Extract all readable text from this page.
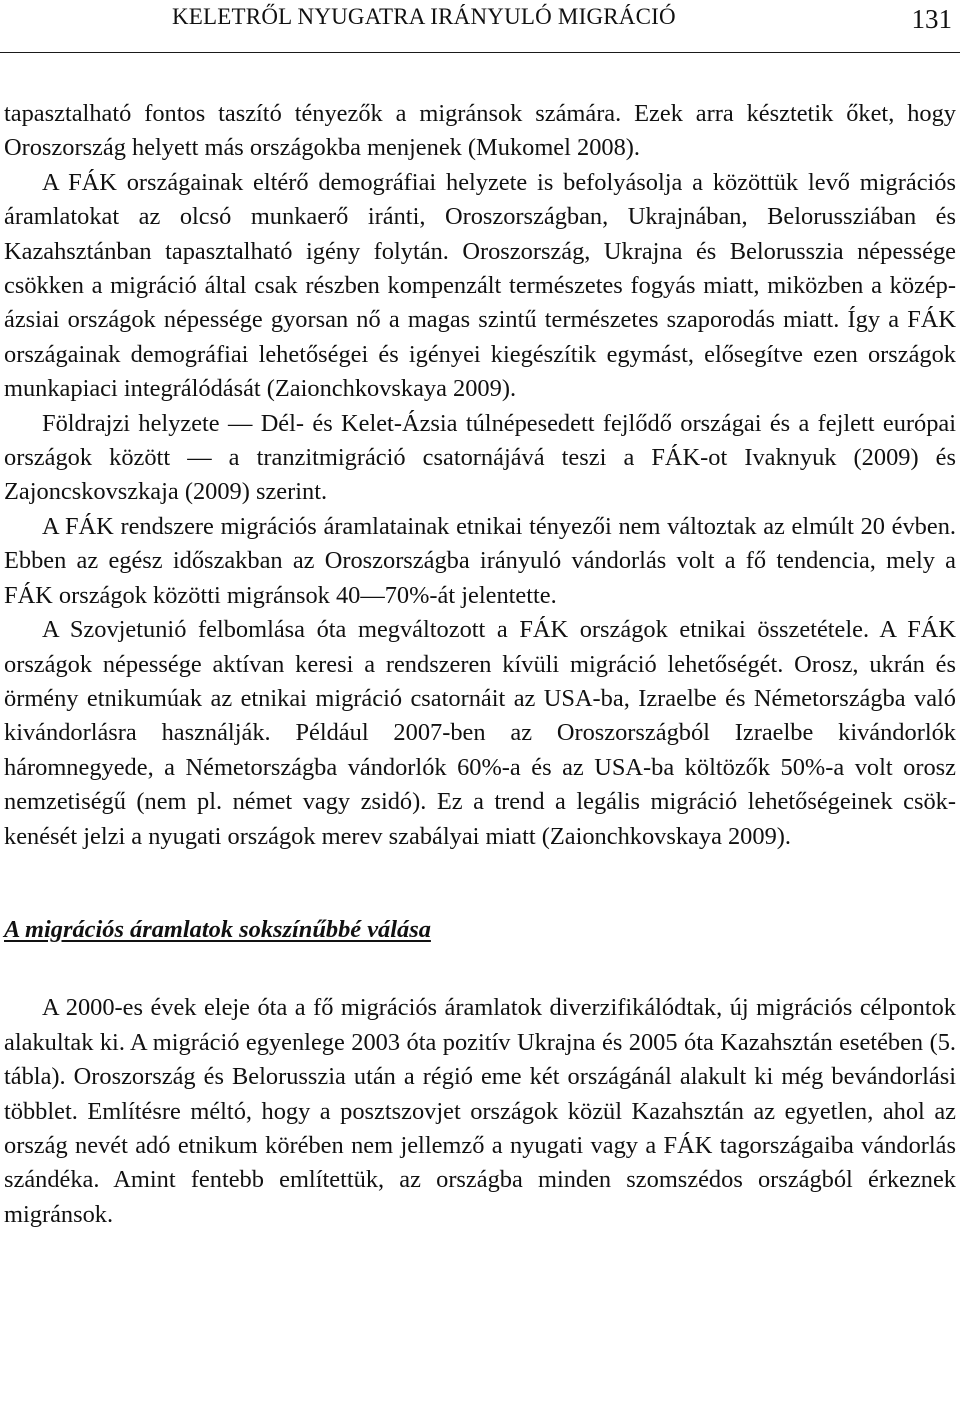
KELETRŐL NYUGATRA IRÁNYULÓ MIGRÁCIÓ	131

tapasztalható fontos taszító tényezők a migránsok számára. Ezek arra késztetik őket, hogy Oroszország helyett más országokba menjenek (Mukomel 2008).

A FÁK országainak eltérő demográfiai helyzete is befolyásolja a közöttük levő migrációs áramlatokat az olcsó munkaerő iránti, Oroszországban, Ukrajnában, Belorussziában és Kazahsztánban tapasztalható igény folytán. Oroszország, Ukrajna és Belorusszia népessége csökken a migráció által csak részben kompenzált természetes fogyás miatt, miközben a közép-ázsiai országok népessége gyorsan nő a magas szintű természetes szaporodás miatt. Így a FÁK országainak demográfiai lehetőségei és igényei kiegészítik egymást, elősegítve ezen országok munkapiaci integrálódását (Zaionchkovskaya 2009).

Földrajzi helyzete ― Dél- és Kelet-Ázsia túlnépesedett fejlődő országai és a fejlett európai országok között ― a tranzitmigráció csatornájává teszi a FÁK-ot Ivaknyuk (2009) és Zajoncskovszkaja (2009) szerint.

A FÁK rendszere migrációs áramlatainak etnikai tényezői nem változtak az elmúlt 20 évben. Ebben az egész időszakban az Oroszországba irányuló vándorlás volt a fő tendencia, mely a FÁK országok közötti migránsok 40―70%-át jelentette.

A Szovjetunió felbomlása óta megváltozott a FÁK országok etnikai összetétele. A FÁK országok népessége aktívan keresi a rendszeren kívüli migráció lehetőségét. Orosz, ukrán és örmény etnikumúak az etnikai migráció csatornáit az USA-ba, Izraelbe és Németországba való kivándorlásra használják. Például 2007-ben az Oroszországból Izraelbe kivándorlók háromnegyede, a Németországba vándorlók 60%-a és az USA-ba költözők 50%-a volt orosz nemzetiségű (nem pl. német vagy zsidó). Ez a trend a legális migráció lehetőségeinek csökkenését jelzi a nyugati országok merev szabályai miatt (Zaionchkovskaya 2009).

A migrációs áramlatok sokszínűbbé válása

A 2000-es évek eleje óta a fő migrációs áramlatok diverzifikálódtak, új migrációs célpontok alakultak ki. A migráció egyenlege 2003 óta pozitív Ukrajna és 2005 óta Kazahsztán esetében (5. tábla). Oroszország és Belorusszia után a régió eme két országánál alakult ki még bevándorlási többlet. Említésre méltó, hogy a posztszovjet országok közül Kazahsztán az egyetlen, ahol az ország nevét adó etnikum körében nem jellemző a nyugati vagy a FÁK tagországaiba vándorlás szándéka. Amint fentebb említettük, az országba minden szomszédos országból érkeznek migránsok.
